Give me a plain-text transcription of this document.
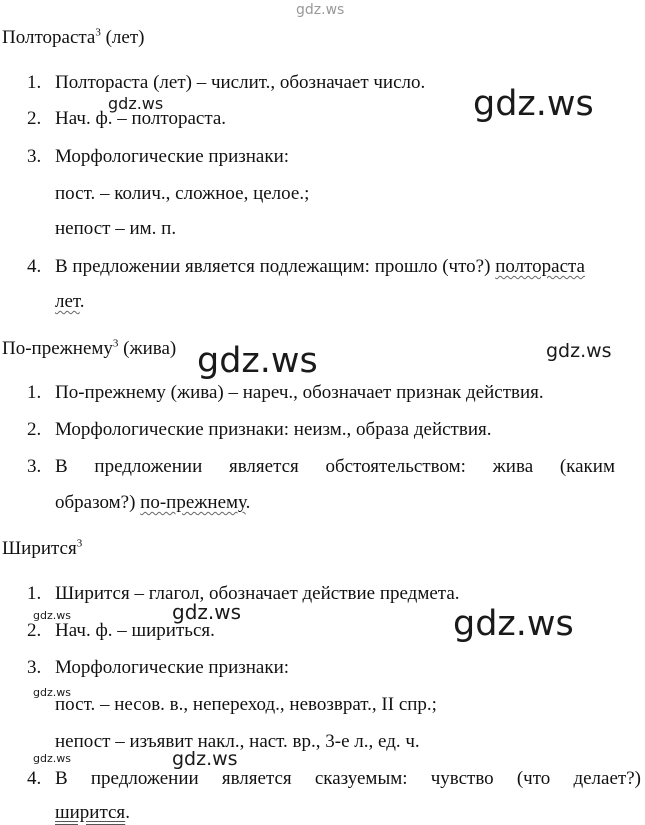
gdz.ws
Полтораста$^3$ (лет)
1. Полтораста (лет) – числит., обозначает число.
2. Нач. ф. – полтораста.
3. Морфологические признаки:
пост. – колич., сложное, целое.;
непост – им. п.
4. В предложении является подлежащим: прошло (что?) полтораста
лет.
По-прежнему$^3$ (жива)
1. По-прежнему (жива) – нареч., обозначает признак действия.
2. Морфологические признаки: неизм., образа действия.
3. В предложении является обстоятельством: жива (каким
образом?) по-прежнему.
Ширится$^3$
1. Ширится – глагол, обозначает действие предмета.
2. Нач. ф. – шириться.
3. Морфологические признаки:
пост. – несов. в., непереход., невозврат., II спр.;
непост – изъявит накл., наст. вр., 3-е л., ед. ч.
4. В предложении является сказуемым: чувство (что делает?)
ширится.
gdz.ws
gdz.ws
gdz.ws	gdz.ws
gdz.ws	gdz.ws
gdz.ws
gdz.ws
gdz.ws	gdz.ws
